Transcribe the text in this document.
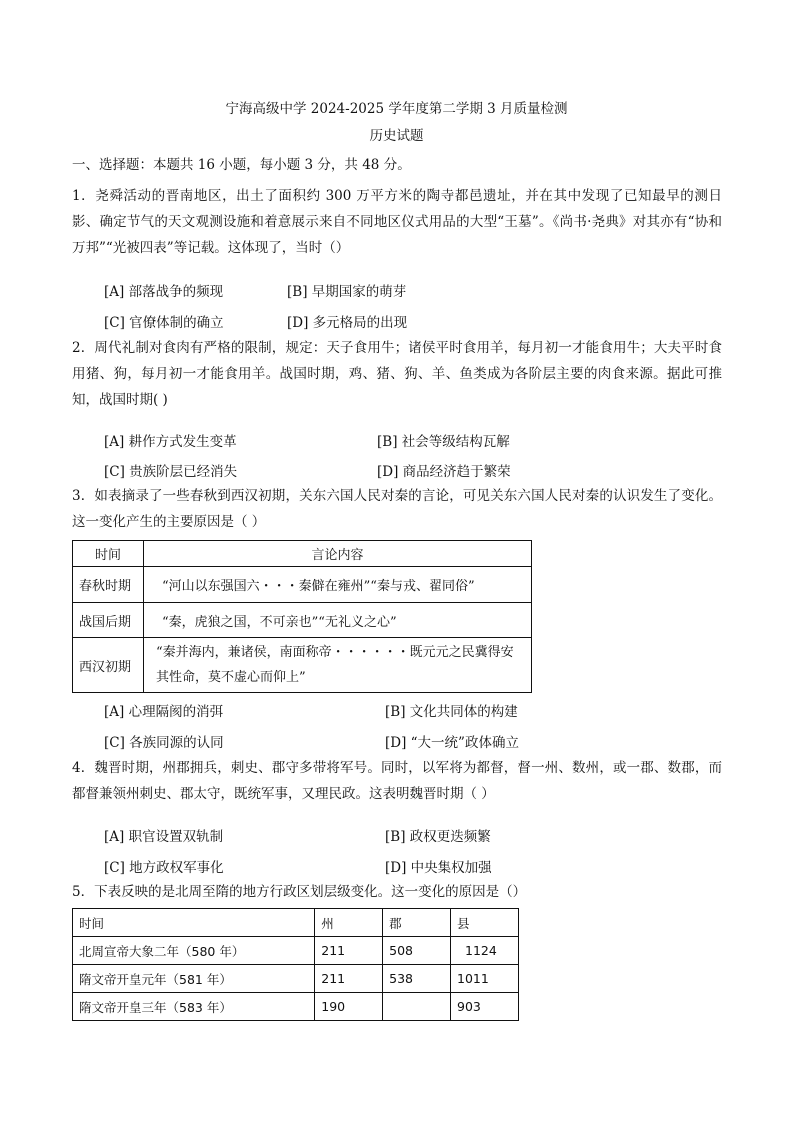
宁海高级中学 2024-2025 学年度第二学期 3 月质量检测
历史试题
一、选择题：本题共 16 小题，每小题 3 分，共 48 分。
1．尧舜活动的晋南地区，出土了面积约 300 万平方米的陶寺都邑遗址，并在其中发现了已知最早的测日影、确定节气的天文观测设施和着意展示来自不同地区仪式用品的大型“王墓”。《尚书·尧典》对其亦有“协和万邦”“光被四表”等记载。这体现了，当时（）
[A] 部落战争的频现	[B] 早期国家的萌芽
[C] 官僚体制的确立	[D] 多元格局的出现
2．周代礼制对食肉有严格的限制，规定：天子食用牛；诸侯平时食用羊，每月初一才能食用牛；大夫平时食用猪、狗，每月初一才能食用羊。战国时期，鸡、猪、狗、羊、鱼类成为各阶层主要的肉食来源。据此可推知，战国时期( )
[A] 耕作方式发生变革	[B] 社会等级结构瓦解
[C] 贵族阶层已经消失	[D] 商品经济趋于繁荣
3．如表摘录了一些春秋到西汉初期，关东六国人民对秦的言论，可见关东六国人民对秦的认识发生了变化。这一变化产生的主要原因是（ ）
时间	言论内容
春秋时期	“河山以东强国六・・・秦僻在雍州”“秦与戎、翟同俗”
战国后期	“秦，虎狼之国，不可亲也”“无礼义之心”
西汉初期	“秦并海内，兼诸侯，南面称帝・・・・・・既元元之民冀得安其性命，莫不虚心而仰上”
[A] 心理隔阂的消弭	[B] 文化共同体的构建
[C] 各族同源的认同	[D] “大一统”政体确立
4．魏晋时期，州郡拥兵，刺史、郡守多带将军号。同时，以军将为都督，督一州、数州，或一郡、数郡，而都督兼领州刺史、郡太守，既统军事，又理民政。这表明魏晋时期（ ）
[A] 职官设置双轨制	[B] 政权更迭频繁
[C] 地方政权军事化	[D] 中央集权加强
5．下表反映的是北周至隋的地方行政区划层级变化。这一变化的原因是（）
时间	州	郡	县
北周宣帝大象二年（580 年）	211	508	1124
隋文帝开皇元年（581 年）	211	538	1011
隋文帝开皇三年（583 年）	190		903
